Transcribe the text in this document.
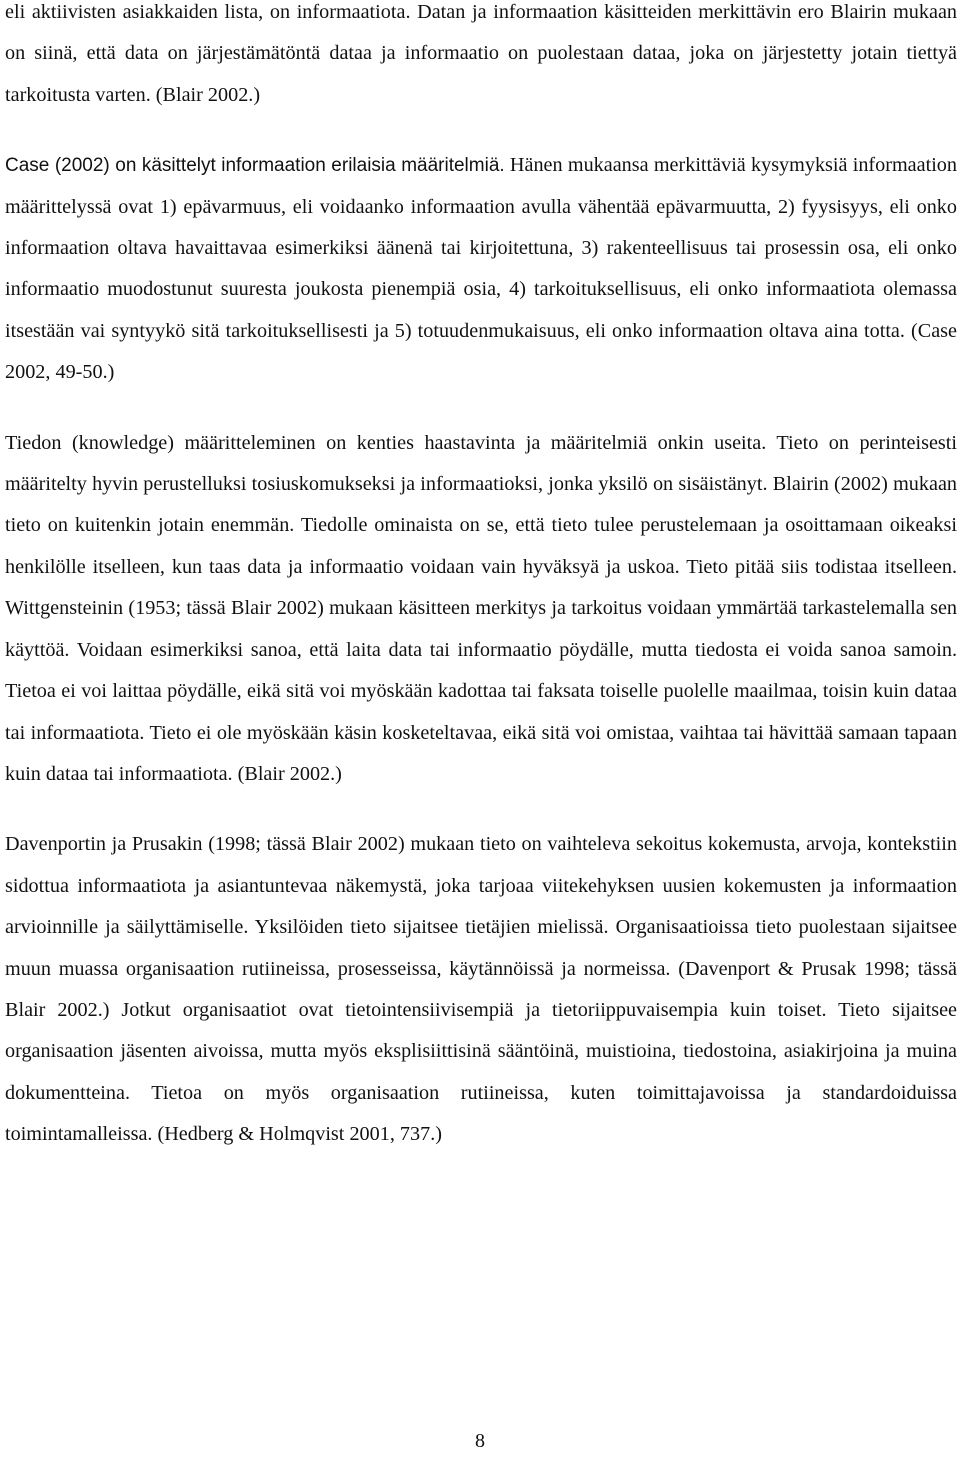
eli aktiivisten asiakkaiden lista, on informaatiota. Datan ja informaation käsitteiden merkittävin ero Blairin mukaan on siinä, että data on järjestämätöntä dataa ja informaatio on puolestaan dataa, joka on järjestetty jotain tiettyä tarkoitusta varten. (Blair 2002.)

Case (2002) on käsittelyt informaation erilaisia määritelmiä. Hänen mukaansa merkittäviä kysymyksiä informaation määrittelyssä ovat 1) epävarmuus, eli voidaanko informaation avulla vähentää epävarmuutta, 2) fyysisyys, eli onko informaation oltava havaittavaa esimerkiksi äänenä tai kirjoitettuna, 3) rakenteellisuus tai prosessin osa, eli onko informaatio muodostunut suuresta joukosta pienempiä osia, 4) tarkoituksellisuus, eli onko informaatiota olemassa itsestään vai syntyykö sitä tarkoituksellisesti ja 5) totuudenmukaisuus, eli onko informaation oltava aina totta. (Case 2002, 49-50.)

Tiedon (knowledge) määritteleminen on kenties haastavinta ja määritelmiä onkin useita. Tieto on perinteisesti määritelty hyvin perustelluksi tosiuskomukseksi ja informaatioksi, jonka yksilö on sisäistänyt. Blairin (2002) mukaan tieto on kuitenkin jotain enemmän. Tiedolle ominaista on se, että tieto tulee perustelemaan ja osoittamaan oikeaksi henkilölle itselleen, kun taas data ja informaatio voidaan vain hyväksyä ja uskoa. Tieto pitää siis todistaa itselleen. Wittgensteinin (1953; tässä Blair 2002) mukaan käsitteen merkitys ja tarkoitus voidaan ymmärtää tarkastelemalla sen käyttöä. Voidaan esimerkiksi sanoa, että laita data tai informaatio pöydälle, mutta tiedosta ei voida sanoa samoin. Tietoa ei voi laittaa pöydälle, eikä sitä voi myöskään kadottaa tai faksata toiselle puolelle maailmaa, toisin kuin dataa tai informaatiota. Tieto ei ole myöskään käsin kosketeltavaa, eikä sitä voi omistaa, vaihtaa tai hävittää samaan tapaan kuin dataa tai informaatiota. (Blair 2002.)

Davenportin ja Prusakin (1998; tässä Blair 2002) mukaan tieto on vaihteleva sekoitus kokemusta, arvoja, kontekstiin sidottua informaatiota ja asiantuntevaa näkemystä, joka tarjoaa viitekehyksen uusien kokemusten ja informaation arvioinnille ja säilyttämiselle. Yksilöiden tieto sijaitsee tietäjien mielissä. Organisaatioissa tieto puolestaan sijaitsee muun muassa organisaation rutiineissa, prosesseissa, käytännöissä ja normeissa. (Davenport & Prusak 1998; tässä Blair 2002.) Jotkut organisaatiot ovat tietointensiivisempiä ja tietoriippuvaisempia kuin toiset. Tieto sijaitsee organisaation jäsenten aivoissa, mutta myös eksplisiittisinä sääntöinä, muistioina, tiedostoina, asiakirjoina ja muina dokumentteina. Tietoa on myös organisaation rutiineissa, kuten toimittajavoissa ja standardoiduissa toimintamalleissa. (Hedberg & Holmqvist 2001, 737.)

8
